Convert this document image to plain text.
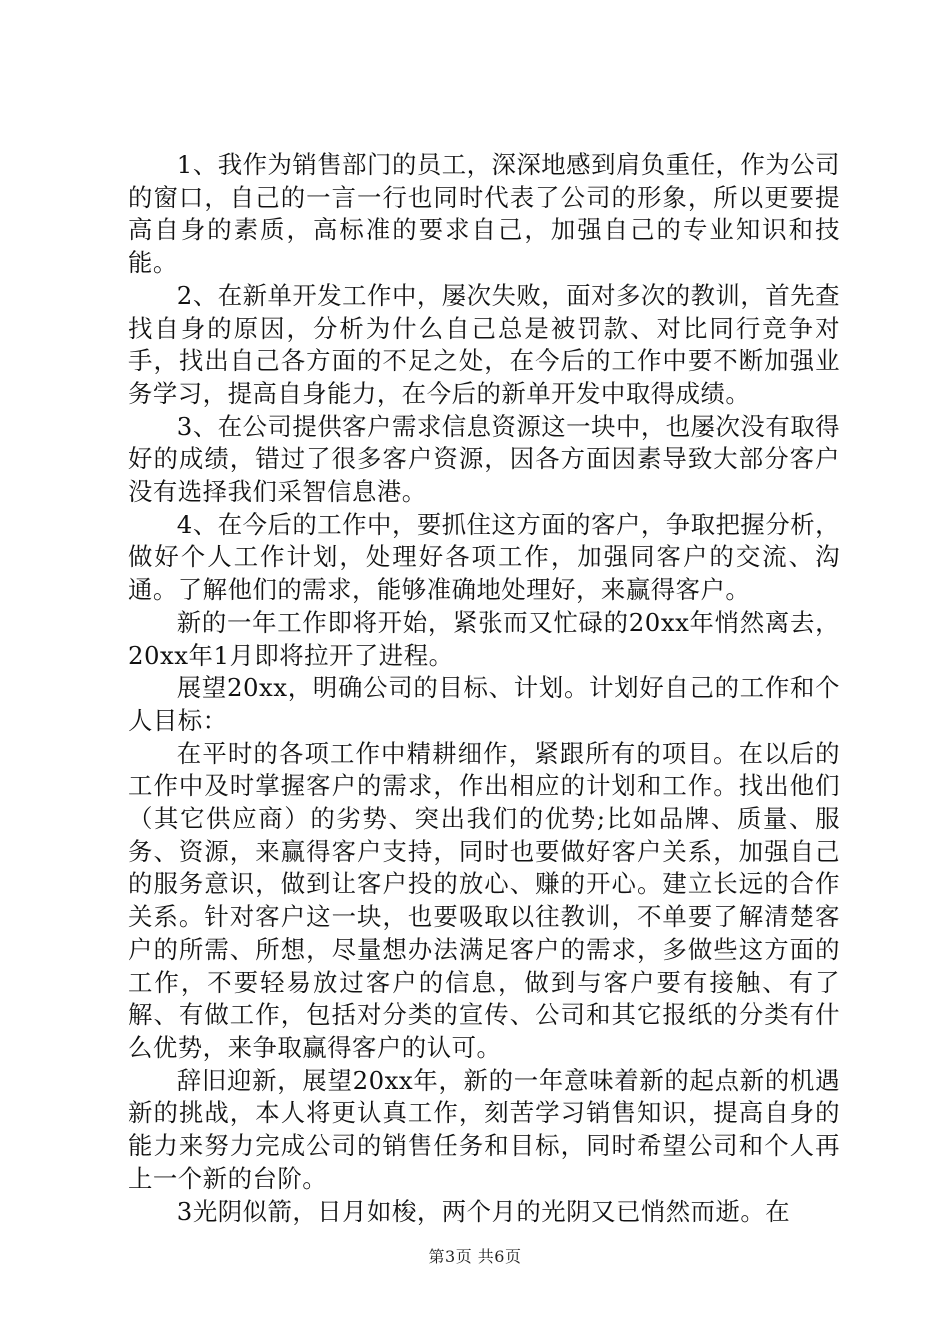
1、我作为销售部门的员工，深深地感到肩负重任，作为公司的窗口，自己的一言一行也同时代表了公司的形象，所以更要提高自身的素质，高标准的要求自己，加强自己的专业知识和技能。

2、在新单开发工作中，屡次失败，面对多次的教训，首先查找自身的原因，分析为什么自己总是被罚款、对比同行竞争对手，找出自己各方面的不足之处，在今后的工作中要不断加强业务学习，提高自身能力，在今后的新单开发中取得成绩。

3、在公司提供客户需求信息资源这一块中，也屡次没有取得好的成绩，错过了很多客户资源，因各方面因素导致大部分客户没有选择我们采智信息港。

4、在今后的工作中，要抓住这方面的客户，争取把握分析，做好个人工作计划，处理好各项工作，加强同客户的交流、沟通。了解他们的需求，能够准确地处理好，来赢得客户。

新的一年工作即将开始，紧张而又忙碌的20xx年悄然离去，20xx年1月即将拉开了进程。

展望20xx，明确公司的目标、计划。计划好自己的工作和个人目标：

在平时的各项工作中精耕细作，紧跟所有的项目。在以后的工作中及时掌握客户的需求，作出相应的计划和工作。找出他们（其它供应商）的劣势、突出我们的优势;比如品牌、质量、服务、资源，来赢得客户支持，同时也要做好客户关系，加强自己的服务意识，做到让客户投的放心、赚的开心。建立长远的合作关系。针对客户这一块，也要吸取以往教训，不单要了解清楚客户的所需、所想，尽量想办法满足客户的需求，多做些这方面的工作，不要轻易放过客户的信息，做到与客户要有接触、有了解、有做工作，包括对分类的宣传、公司和其它报纸的分类有什么优势，来争取赢得客户的认可。

辞旧迎新，展望20xx年，新的一年意味着新的起点新的机遇新的挑战，本人将更认真工作，刻苦学习销售知识，提高自身的能力来努力完成公司的销售任务和目标，同时希望公司和个人再上一个新的台阶。

3光阴似箭，日月如梭，两个月的光阴又已悄然而逝。在

第3页 共6页
